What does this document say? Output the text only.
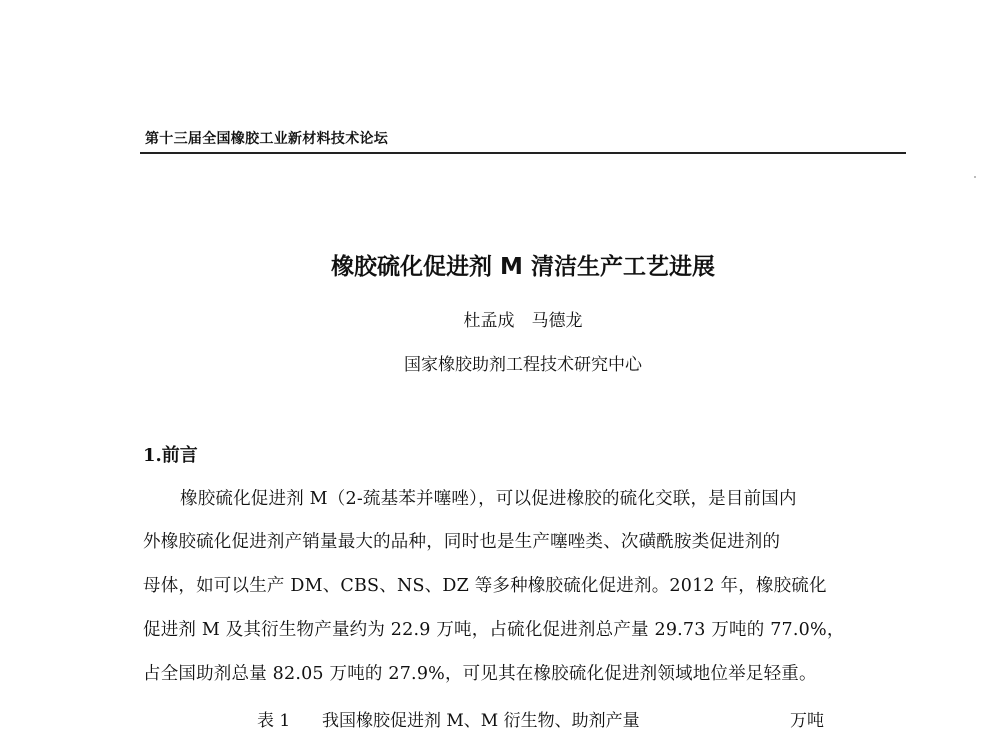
第十三届全国橡胶工业新材料技术论坛
橡胶硫化促进剂 M 清洁生产工艺进展
杜孟成　马德龙
国家橡胶助剂工程技术研究中心
1.前言
橡胶硫化促进剂 M（2-巯基苯并噻唑），可以促进橡胶的硫化交联，是目前国内
外橡胶硫化促进剂产销量最大的品种，同时也是生产噻唑类、次磺酰胺类促进剂的
母体，如可以生产 DM、CBS、NS、DZ 等多种橡胶硫化促进剂。2012 年，橡胶硫化
促进剂 M 及其衍生物产量约为 22.9 万吨，占硫化促进剂总产量 29.73 万吨的 77.0%，
占全国助剂总量 82.05 万吨的 27.9%，可见其在橡胶硫化促进剂领域地位举足轻重。
表 1 我国橡胶促进剂 M、M 衍生物、助剂产量	万吨
